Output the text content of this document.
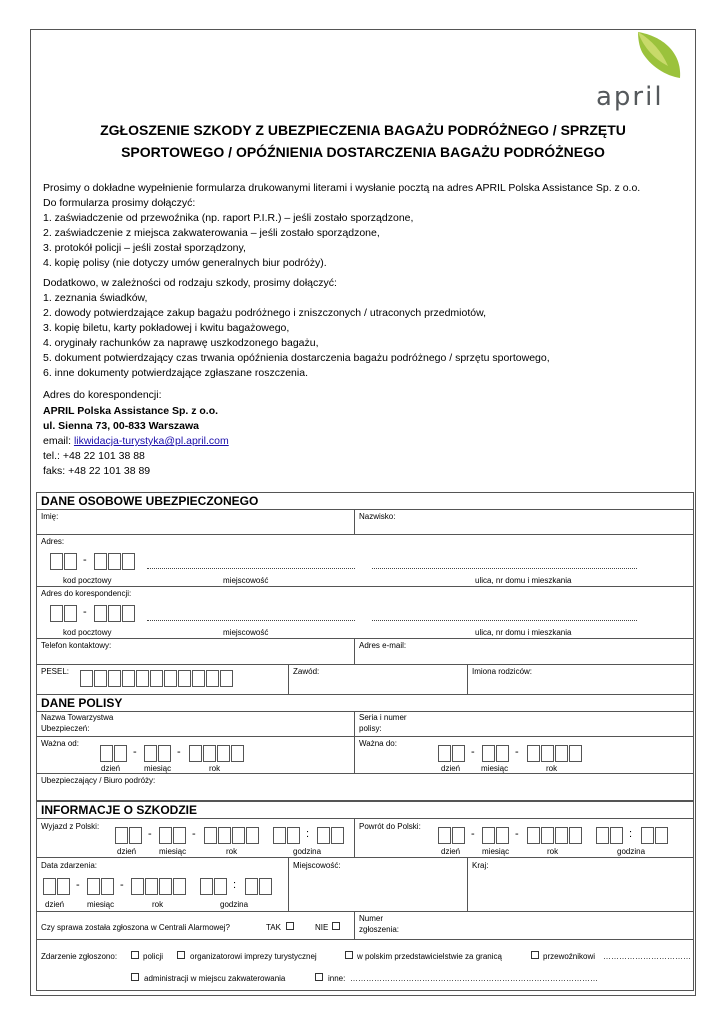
april
ZGŁOSZENIE SZKODY Z UBEZPIECZENIA BAGAŻU PODRÓŻNEGO / SPRZĘTU
SPORTOWEGO / OPÓŹNIENIA DOSTARCZENIA BAGAŻU PODRÓŻNEGO

Prosimy o dokładne wypełnienie formularza drukowanymi literami i wysłanie pocztą na adres APRIL Polska Assistance Sp. z o.o.

Do formularza prosimy dołączyć:

1. zaświadczenie od przewoźnika (np. raport P.I.R.) – jeśli zostało sporządzone,

2. zaświadczenie z miejsca zakwaterowania – jeśli zostało sporządzone,

3. protokół policji – jeśli został sporządzony,

4. kopię polisy (nie dotyczy umów generalnych biur podróży).

Dodatkowo, w zależności od rodzaju szkody, prosimy dołączyć:

1. zeznania świadków,

2. dowody potwierdzające zakup bagażu podróżnego i zniszczonych / utraconych przedmiotów,

3. kopię biletu, karty pokładowej i kwitu bagażowego,

4. oryginały rachunków za naprawę uszkodzonego bagażu,

5. dokument potwierdzający czas trwania opóźnienia dostarczenia bagażu podróżnego / sprzętu sportowego,

6. inne dokumenty potwierdzające zgłaszane roszczenia.

Adres do korespondencji:

APRIL Polska Assistance Sp. z o.o.

ul. Sienna 73, 00-833 Warszawa

email: likwidacja-turystyka@pl.april.com

tel.: +48 22 101 38 88

faks: +48 22 101 38 89

DANE OSOBOWE UBEZPIECZONEGO
Imię:	Nazwisko:
Adres:
-
kod pocztowy	miejscowość	ulica, nr domu i mieszkania
Adres do korespondencji:
-
kod pocztowy	miejscowość	ulica, nr domu i mieszkania
Telefon kontaktowy:	Adres e-mail:
PESEL:	Zawód:	Imiona rodziców:
DANE POLISY
Nazwa Towarzystwa
Ubezpieczeń:
Seria i numer
polisy:
Ważna od:
-	-
dzień	miesiąc	rok
Ważna do:
-	-
dzień	miesiąc	rok
Ubezpieczający / Biuro podróży:
INFORMACJE O SZKODZIE
Wyjazd z Polski:
-	-	:
dzień	miesiąc	rok	godzina
Powrót do Polski:
-	-	:
dzień	miesiąc	rok	godzina
Data zdarzenia:
-	-	:
dzień	miesiąc	rok	godzina
Miejscowość:	Kraj:
Czy sprawa została zgłoszona w Centrali Alarmowej?	TAK	NIE
Numer
zgłoszenia:
Zdarzenie zgłoszono:	policji	organizatorowi imprezy turystycznej	w polskim przedstawicielstwie za granicą	przewoźnikowi ……………………………
administracji w miejscu zakwaterowania	inne: …………………………………………………………………………………
